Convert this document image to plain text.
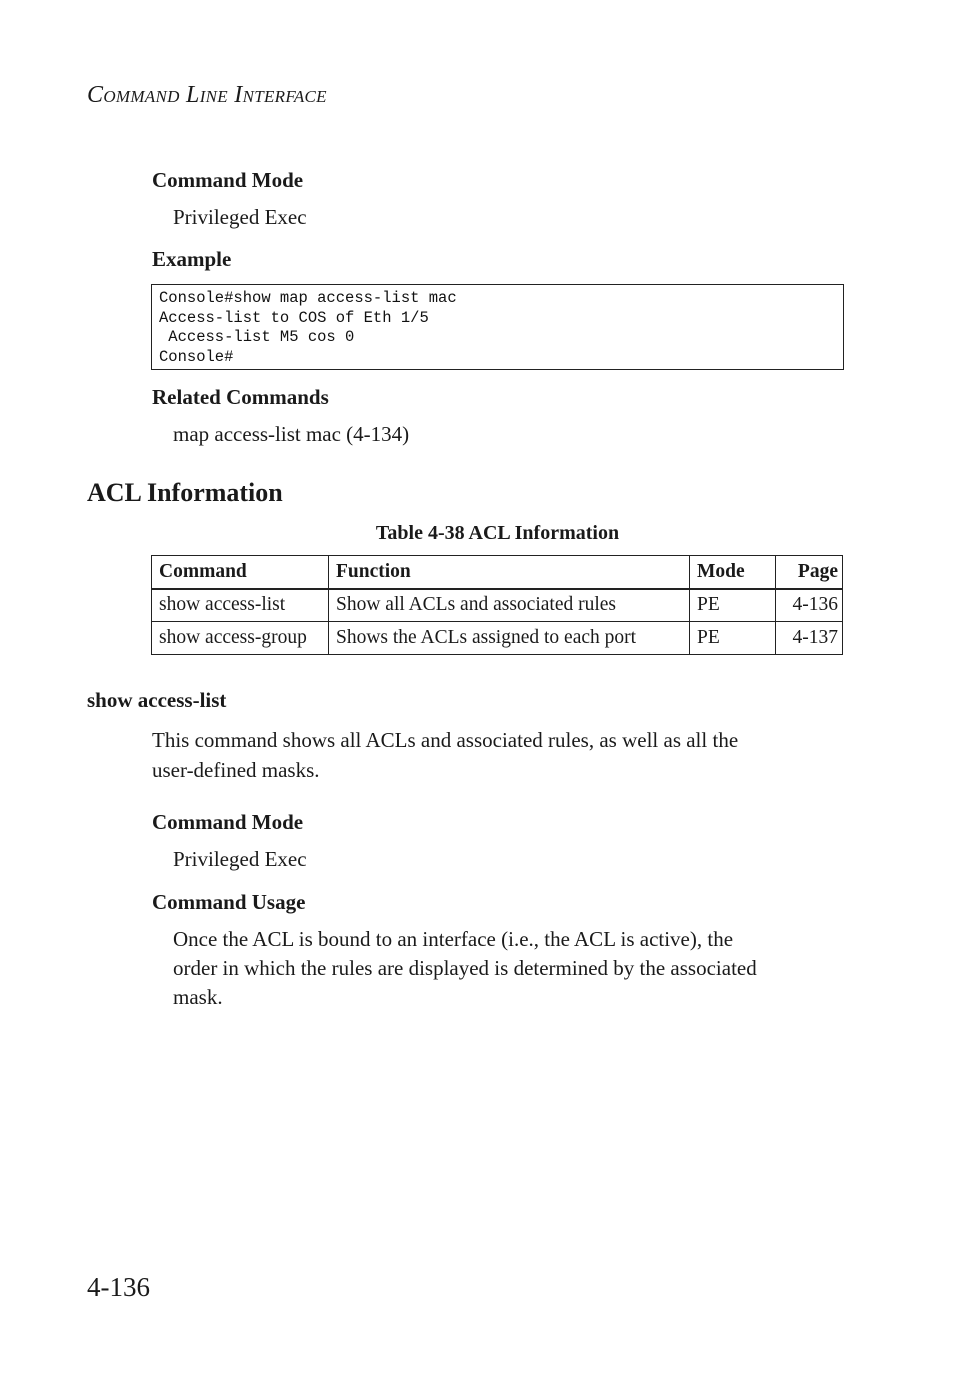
COMMAND LINE INTERFACE
Command Mode
Privileged Exec
Example
Console#show map access-list mac
Access-list to COS of Eth 1/5
Access-list M5 cos 0
Console#
Related Commands
map access-list mac (4-134)
ACL Information
Table 4-38 ACL Information
Command	Function	Mode	Page
show access-list	Show all ACLs and associated rules	PE	4-136
show access-group	Shows the ACLs assigned to each port	PE	4-137
show access-list
This command shows all ACLs and associated rules, as well as all the
user-defined masks.
Command Mode
Privileged Exec
Command Usage
Once the ACL is bound to an interface (i.e., the ACL is active), the
order in which the rules are displayed is determined by the associated
mask.
4-136
